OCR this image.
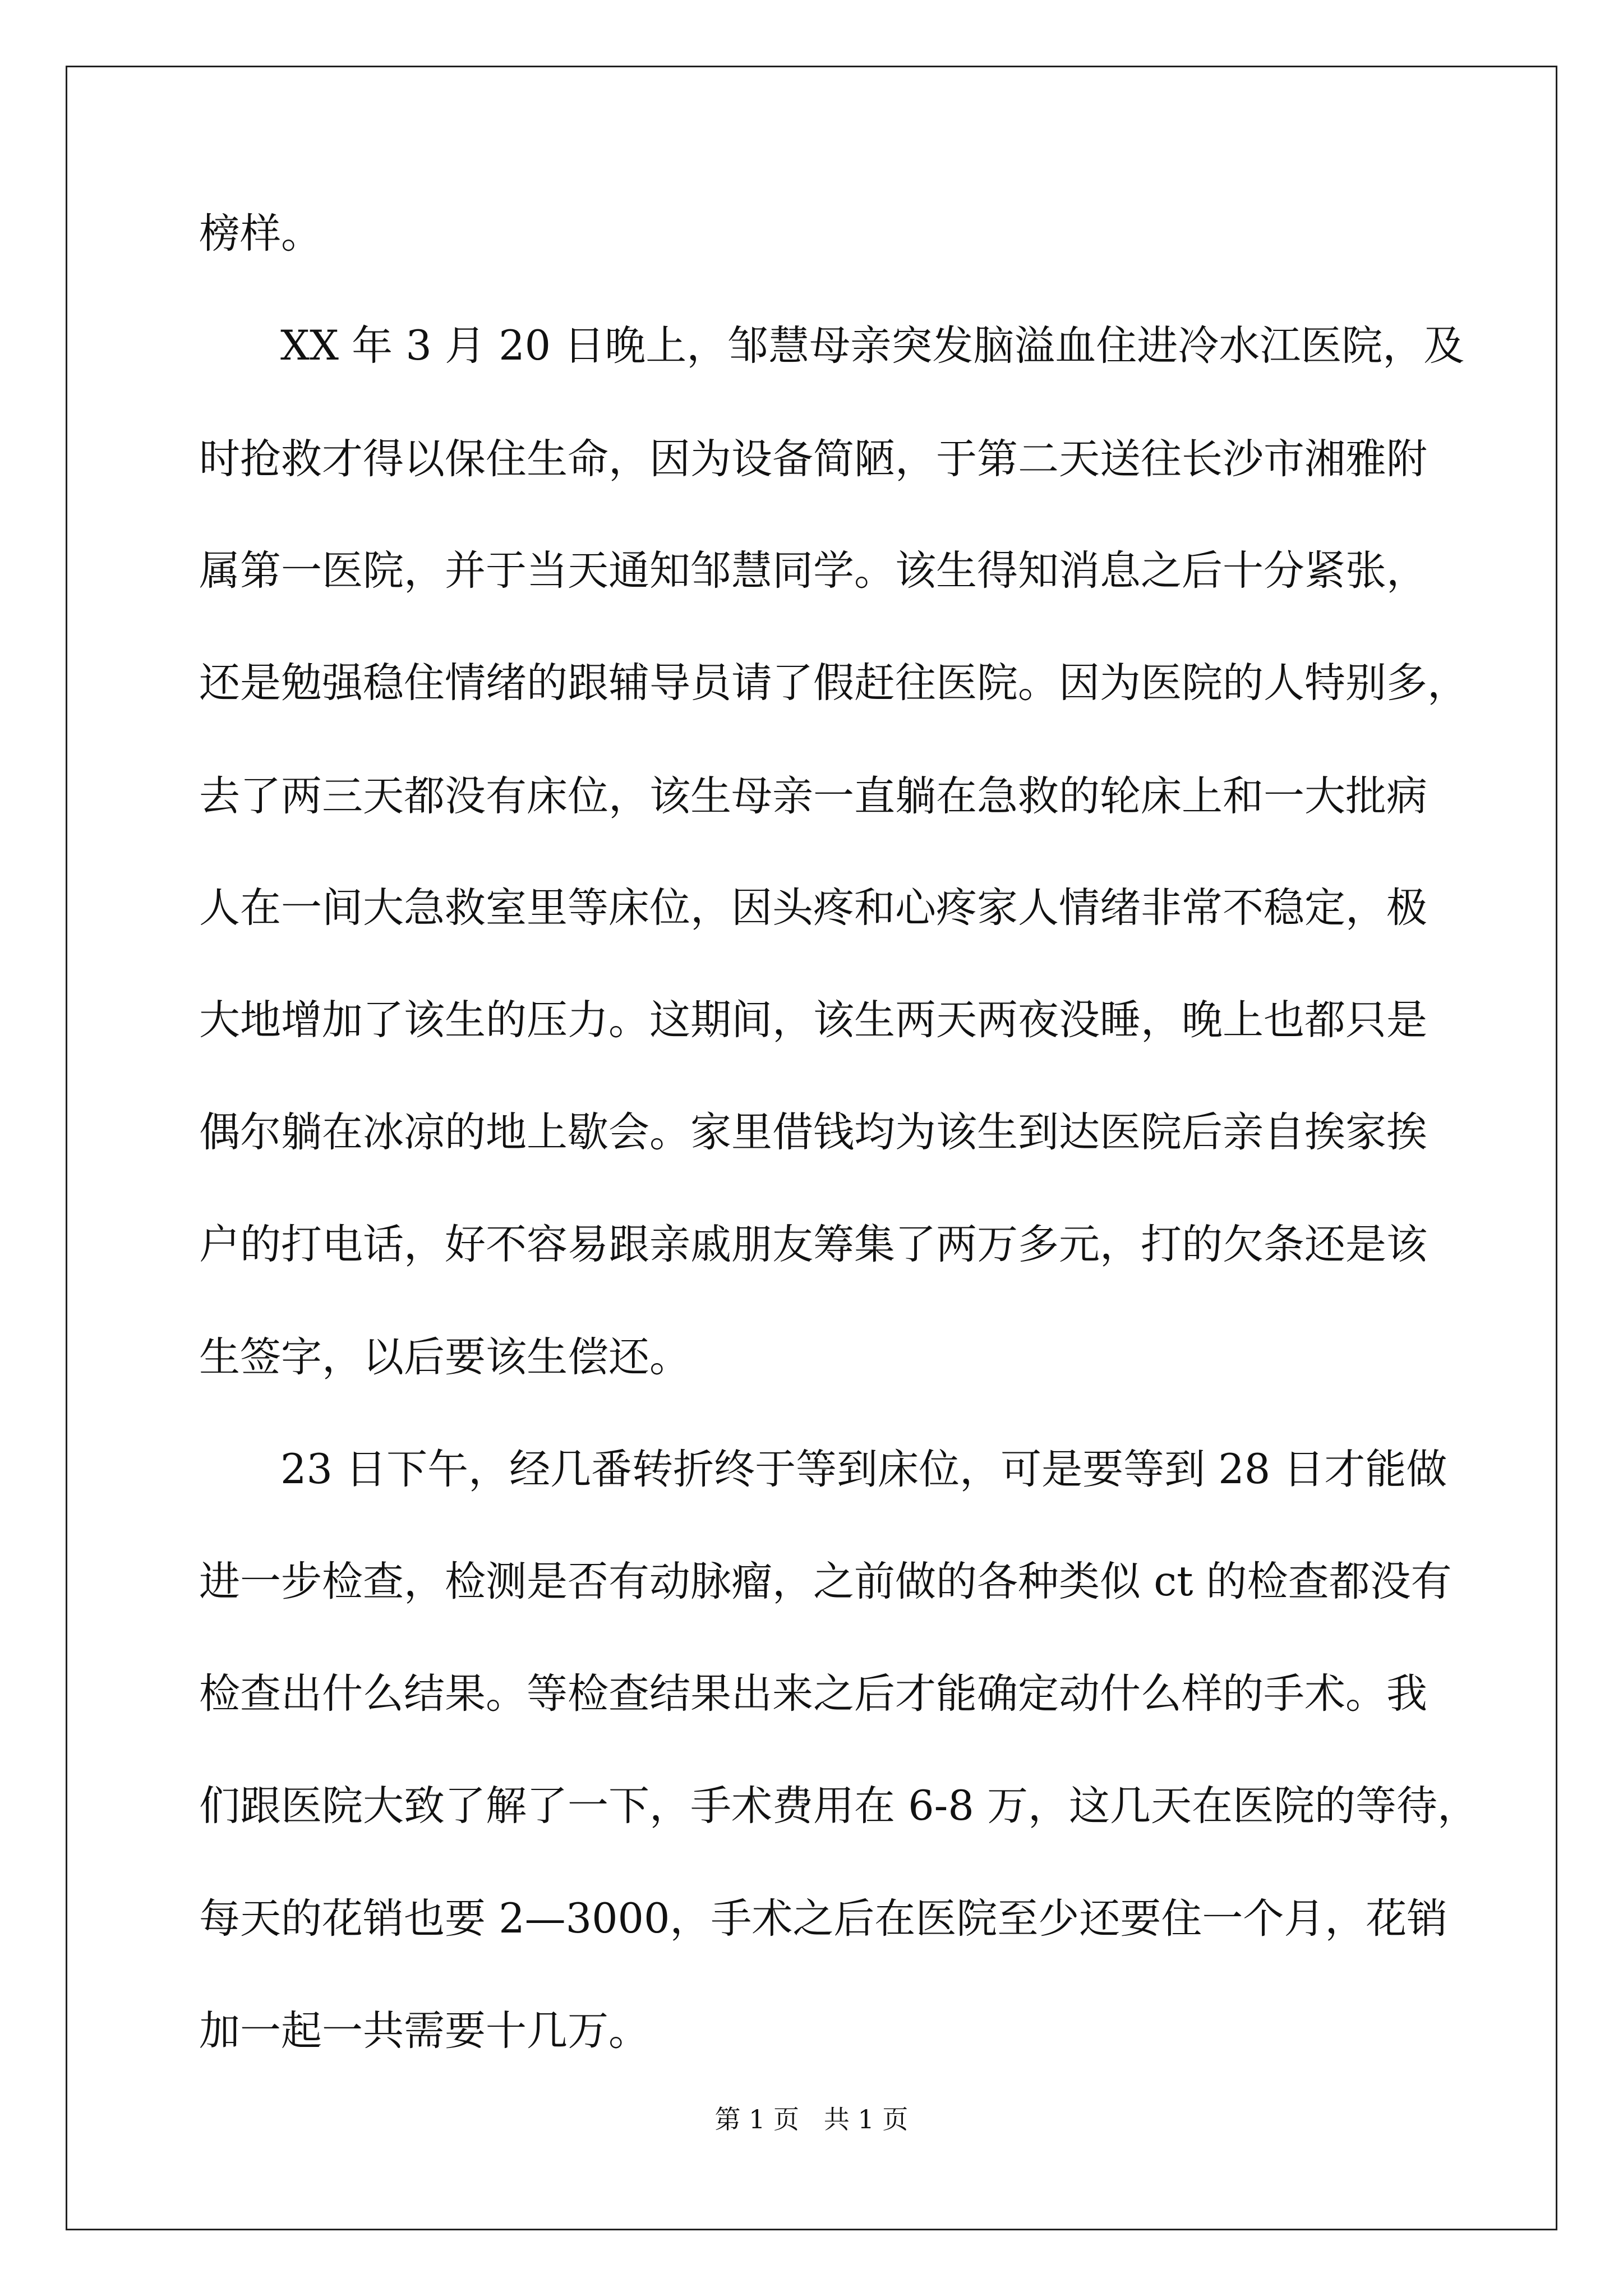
榜样。
XX 年 3 月 20 日晚上，邹慧母亲突发脑溢血住进冷水江医院，及
时抢救才得以保住生命，因为设备简陋，于第二天送往长沙市湘雅附
属第一医院，并于当天通知邹慧同学。该生得知消息之后十分紧张，
还是勉强稳住情绪的跟辅导员请了假赶往医院。因为医院的人特别多，
去了两三天都没有床位，该生母亲一直躺在急救的轮床上和一大批病
人在一间大急救室里等床位，因头疼和心疼家人情绪非常不稳定，极
大地增加了该生的压力。这期间，该生两天两夜没睡，晚上也都只是
偶尔躺在冰凉的地上歇会。家里借钱均为该生到达医院后亲自挨家挨
户的打电话，好不容易跟亲戚朋友筹集了两万多元，打的欠条还是该
生签字，以后要该生偿还。
23 日下午，经几番转折终于等到床位，可是要等到 28 日才能做
进一步检查，检测是否有动脉瘤，之前做的各种类似 ct 的检查都没有
检查出什么结果。等检查结果出来之后才能确定动什么样的手术。我
们跟医院大致了解了一下，手术费用在 6-8 万，这几天在医院的等待，
每天的花销也要 2—3000，手术之后在医院至少还要住一个月，花销
加一起一共需要十几万。
第 1 页   共 1 页
